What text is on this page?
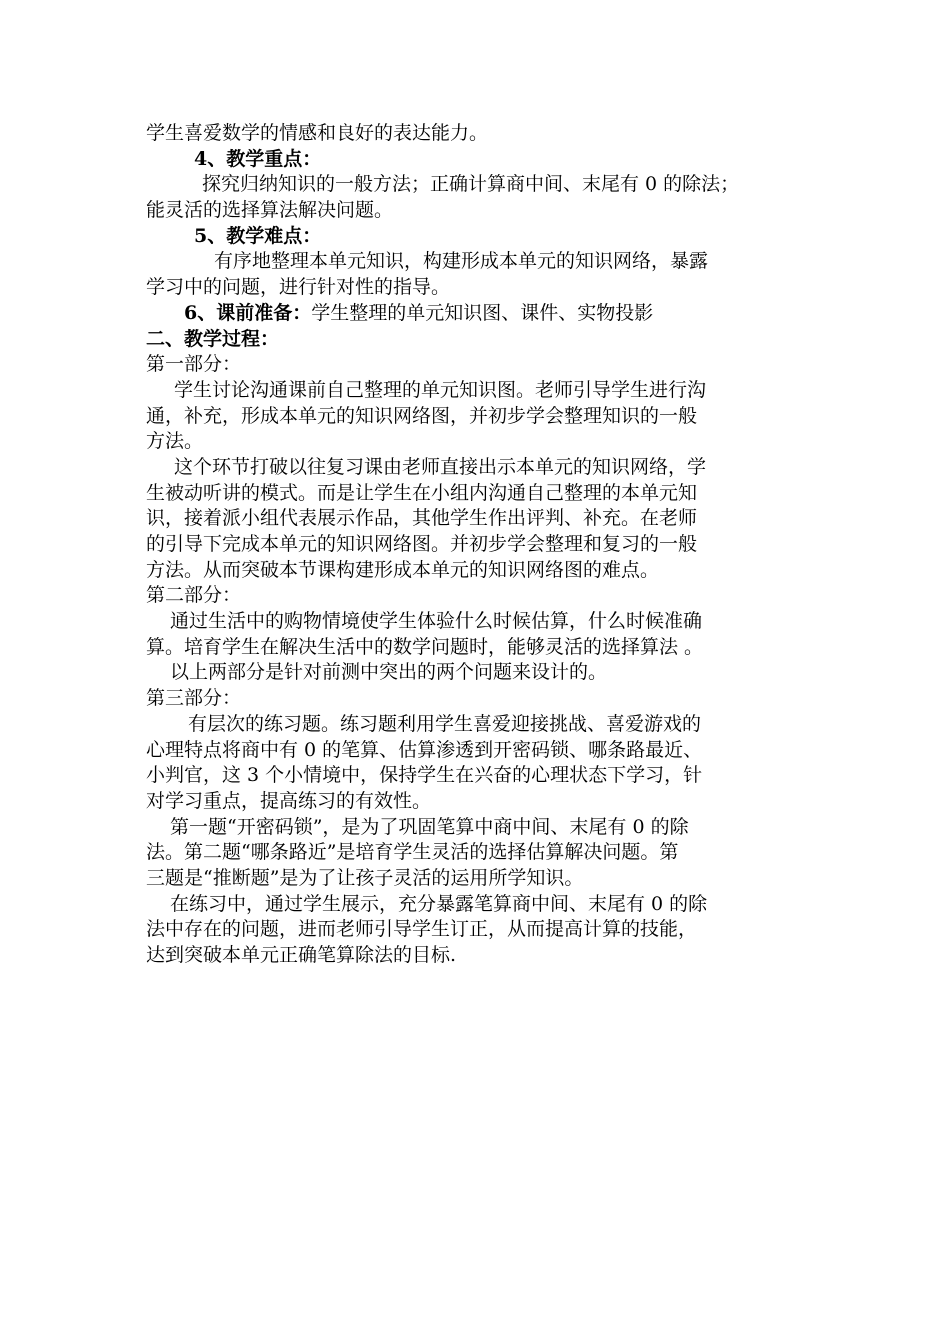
学生喜爱数学的情感和良好的表达能力。
4、教学重点：
探究归纳知识的一般方法；正确计算商中间、末尾有 0 的除法；
能灵活的选择算法解决问题。
5、教学难点：
有序地整理本单元知识，构建形成本单元的知识网络，暴露
学习中的问题，进行针对性的指导。
6、课前准备：学生整理的单元知识图、课件、实物投影
二、教学过程：
第一部分：
学生讨论沟通课前自己整理的单元知识图。老师引导学生进行沟
通，补充，形成本单元的知识网络图，并初步学会整理知识的一般
方法。
这个环节打破以往复习课由老师直接出示本单元的知识网络，学
生被动听讲的模式。而是让学生在小组内沟通自己整理的本单元知
识，接着派小组代表展示作品，其他学生作出评判、补充。在老师
的引导下完成本单元的知识网络图。并初步学会整理和复习的一般
方法。从而突破本节课构建形成本单元的知识网络图的难点。
第二部分：
通过生活中的购物情境使学生体验什么时候估算，什么时候准确
算。培育学生在解决生活中的数学问题时，能够灵活的选择算法 。
以上两部分是针对前测中突出的两个问题来设计的。
第三部分：
有层次的练习题。练习题利用学生喜爱迎接挑战、喜爱游戏的
心理特点将商中有 0 的笔算、估算渗透到开密码锁、哪条路最近、
小判官，这 3 个小情境中，保持学生在兴奋的心理状态下学习，针
对学习重点，提高练习的有效性。
第一题“开密码锁”，是为了巩固笔算中商中间、末尾有 0 的除
法。第二题“哪条路近”是培育学生灵活的选择估算解决问题。第
三题是“推断题”是为了让孩子灵活的运用所学知识。
在练习中，通过学生展示，充分暴露笔算商中间、末尾有 0 的除
法中存在的问题，进而老师引导学生订正，从而提高计算的技能，
达到突破本单元正确笔算除法的目标.
